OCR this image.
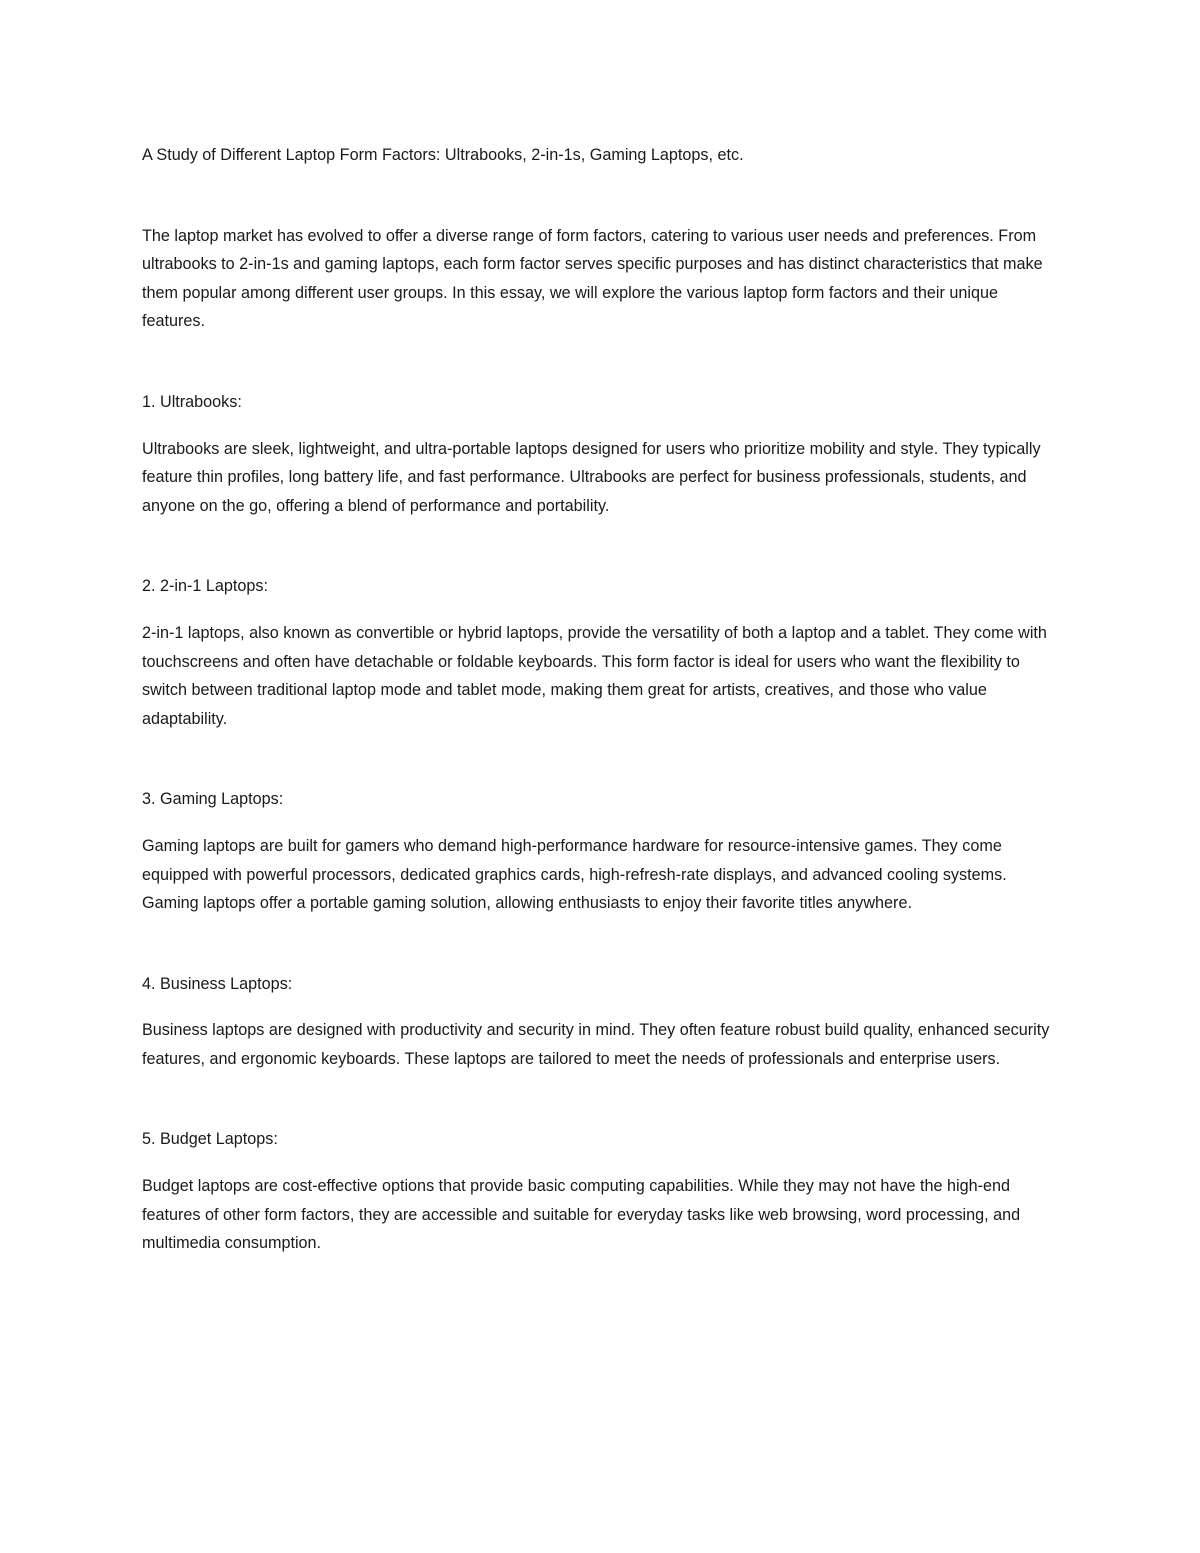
A Study of Different Laptop Form Factors: Ultrabooks, 2-in-1s, Gaming Laptops, etc.

The laptop market has evolved to offer a diverse range of form factors, catering to various user needs and preferences. From ultrabooks to 2-in-1s and gaming laptops, each form factor serves specific purposes and has distinct characteristics that make them popular among different user groups. In this essay, we will explore the various laptop form factors and their unique features.

1. Ultrabooks:

Ultrabooks are sleek, lightweight, and ultra-portable laptops designed for users who prioritize mobility and style. They typically feature thin profiles, long battery life, and fast performance. Ultrabooks are perfect for business professionals, students, and anyone on the go, offering a blend of performance and portability.

2. 2-in-1 Laptops:

2-in-1 laptops, also known as convertible or hybrid laptops, provide the versatility of both a laptop and a tablet. They come with touchscreens and often have detachable or foldable keyboards. This form factor is ideal for users who want the flexibility to switch between traditional laptop mode and tablet mode, making them great for artists, creatives, and those who value adaptability.

3. Gaming Laptops:

Gaming laptops are built for gamers who demand high-performance hardware for resource-intensive games. They come equipped with powerful processors, dedicated graphics cards, high-refresh-rate displays, and advanced cooling systems. Gaming laptops offer a portable gaming solution, allowing enthusiasts to enjoy their favorite titles anywhere.

4. Business Laptops:

Business laptops are designed with productivity and security in mind. They often feature robust build quality, enhanced security features, and ergonomic keyboards. These laptops are tailored to meet the needs of professionals and enterprise users.

5. Budget Laptops:

Budget laptops are cost-effective options that provide basic computing capabilities. While they may not have the high-end features of other form factors, they are accessible and suitable for everyday tasks like web browsing, word processing, and multimedia consumption.
